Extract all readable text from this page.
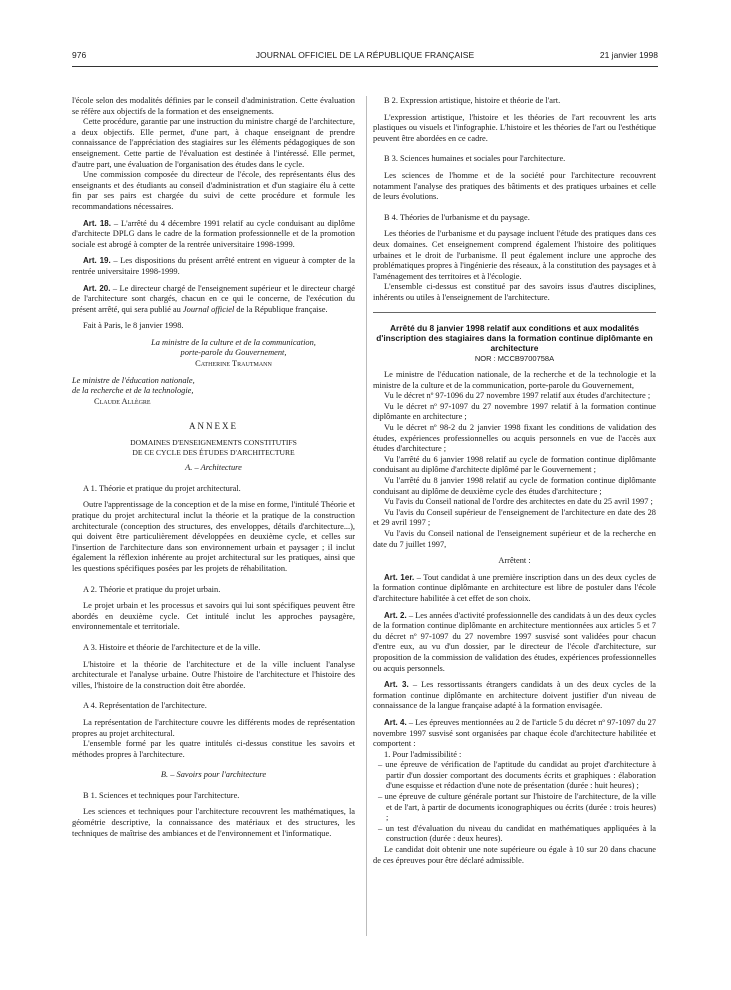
976	JOURNAL OFFICIEL DE LA RÉPUBLIQUE FRANÇAISE	21 janvier 1998

l'école selon des modalités définies par le conseil d'administration. Cette évaluation se réfère aux objectifs de la formation et des enseignements.

Cette procédure, garantie par une instruction du ministre chargé de l'architecture, a deux objectifs. Elle permet, d'une part, à chaque enseignant de prendre connaissance de l'appréciation des stagiaires sur les éléments pédagogiques de son enseignement. Cette partie de l'évaluation est destinée à l'intéressé. Elle permet, d'autre part, une évaluation de l'organisation des études dans le cycle.

Une commission composée du directeur de l'école, des représentants élus des enseignants et des étudiants au conseil d'administration et d'un stagiaire élu à cette fin par ses pairs est chargée du suivi de cette procédure et formule les recommandations nécessaires.

Art. 18. – L'arrêté du 4 décembre 1991 relatif au cycle conduisant au diplôme d'architecte DPLG dans le cadre de la formation professionnelle et de la promotion sociale est abrogé à compter de la rentrée universitaire 1998-1999.

Art. 19. – Les dispositions du présent arrêté entrent en vigueur à compter de la rentrée universitaire 1998-1999.

Art. 20. – Le directeur chargé de l'enseignement supérieur et le directeur chargé de l'architecture sont chargés, chacun en ce qui le concerne, de l'exécution du présent arrêté, qui sera publié au Journal officiel de la République française.

Fait à Paris, le 8 janvier 1998.

La ministre de la culture et de la communication,

porte-parole du Gouvernement,

Catherine Trautmann

Le ministre de l'éducation nationale,

de la recherche et de la technologie,

Claude Allègre

ANNEXE

DOMAINES D'ENSEIGNEMENTS CONSTITUTIFS

DE CE CYCLE DES ÉTUDES D'ARCHITECTURE

A. – Architecture

A 1. Théorie et pratique du projet architectural.

Outre l'apprentissage de la conception et de la mise en forme, l'intitulé Théorie et pratique du projet architectural inclut la théorie et la pratique de la construction architecturale (conception des structures, des enveloppes, détails d'architecture...), qui doivent être particulièrement développées en deuxième cycle, et celles sur l'insertion de l'architecture dans son environnement urbain et paysager ; il inclut également la réflexion inhérente au projet architectural sur les pratiques, ainsi que les questions spécifiques posées par les projets de réhabilitation.

A 2. Théorie et pratique du projet urbain.

Le projet urbain et les processus et savoirs qui lui sont spécifiques peuvent être abordés en deuxième cycle. Cet intitulé inclut les approches paysagère, environnementale et territoriale.

A 3. Histoire et théorie de l'architecture et de la ville.

L'histoire et la théorie de l'architecture et de la ville incluent l'analyse architecturale et l'analyse urbaine. Outre l'histoire de l'architecture et l'histoire des villes, l'histoire de la construction doit être abordée.

A 4. Représentation de l'architecture.

La représentation de l'architecture couvre les différents modes de représentation propres au projet architectural.

L'ensemble formé par les quatre intitulés ci-dessus constitue les savoirs et méthodes propres à l'architecture.

B. – Savoirs pour l'architecture

B 1. Sciences et techniques pour l'architecture.

Les sciences et techniques pour l'architecture recouvrent les mathématiques, la géométrie descriptive, la connaissance des matériaux et des structures, les techniques de maîtrise des ambiances et de l'environnement et l'informatique.

B 2. Expression artistique, histoire et théorie de l'art.

L'expression artistique, l'histoire et les théories de l'art recouvrent les arts plastiques ou visuels et l'infographie. L'histoire et les théories de l'art ou l'esthétique peuvent être abordées en ce cadre.

B 3. Sciences humaines et sociales pour l'architecture.

Les sciences de l'homme et de la société pour l'architecture recouvrent notamment l'analyse des pratiques des bâtiments et des pratiques urbaines et celle de leurs évolutions.

B 4. Théories de l'urbanisme et du paysage.

Les théories de l'urbanisme et du paysage incluent l'étude des pratiques dans ces deux domaines. Cet enseignement comprend également l'histoire des politiques urbaines et le droit de l'urbanisme. Il peut également inclure une approche des problématiques propres à l'ingénierie des réseaux, à la constitution des paysages et à l'aménagement des territoires et à l'écologie.

L'ensemble ci-dessus est constitué par des savoirs issus d'autres disciplines, inhérents ou utiles à l'enseignement de l'architecture.

Arrêté du 8 janvier 1998 relatif aux conditions et aux modalités d'inscription des stagiaires dans la formation continue diplômante en architecture

NOR : MCCB9700758A

Le ministre de l'éducation nationale, de la recherche et de la technologie et la ministre de la culture et de la communication, porte-parole du Gouvernement,

Vu le décret nº 97-1096 du 27 novembre 1997 relatif aux études d'architecture ;

Vu le décret nº 97-1097 du 27 novembre 1997 relatif à la formation continue diplômante en architecture ;

Vu le décret nº 98-2 du 2 janvier 1998 fixant les conditions de validation des études, expériences professionnelles ou acquis personnels en vue de l'accès aux études d'architecture ;

Vu l'arrêté du 6 janvier 1998 relatif au cycle de formation continue diplômante conduisant au diplôme d'architecte diplômé par le Gouvernement ;

Vu l'arrêté du 8 janvier 1998 relatif au cycle de formation continue diplômante conduisant au diplôme de deuxième cycle des études d'architecture ;

Vu l'avis du Conseil national de l'ordre des architectes en date du 25 avril 1997 ;

Vu l'avis du Conseil supérieur de l'enseignement de l'architecture en date des 28 et 29 avril 1997 ;

Vu l'avis du Conseil national de l'enseignement supérieur et de la recherche en date du 7 juillet 1997,

Arrêtent :

Art. 1er. – Tout candidat à une première inscription dans un des deux cycles de la formation continue diplômante en architecture est libre de postuler dans l'école d'architecture habilitée à cet effet de son choix.

Art. 2. – Les années d'activité professionnelle des candidats à un des deux cycles de la formation continue diplômante en architecture mentionnées aux articles 5 et 7 du décret nº 97-1097 du 27 novembre 1997 susvisé sont validées pour chacun d'entre eux, au vu d'un dossier, par le directeur de l'école d'architecture, sur proposition de la commission de validation des études, expériences professionnelles ou acquis personnels.

Art. 3. – Les ressortissants étrangers candidats à un des deux cycles de la formation continue diplômante en architecture doivent justifier d'un niveau de connaissance de la langue française adapté à la formation envisagée.

Art. 4. – Les épreuves mentionnées au 2 de l'article 5 du décret nº 97-1097 du 27 novembre 1997 susvisé sont organisées par chaque école d'architecture habilitée et comportent :

1. Pour l'admissibilité :

– une épreuve de vérification de l'aptitude du candidat au projet d'architecture à partir d'un dossier comportant des documents écrits et graphiques : élaboration d'une esquisse et rédaction d'une note de présentation (durée : huit heures) ;

– une épreuve de culture générale portant sur l'histoire de l'architecture, de la ville et de l'art, à partir de documents iconographiques ou écrits (durée : trois heures) ;

– un test d'évaluation du niveau du candidat en mathématiques appliquées à la construction (durée : deux heures).

Le candidat doit obtenir une note supérieure ou égale à 10 sur 20 dans chacune de ces épreuves pour être déclaré admissible.
